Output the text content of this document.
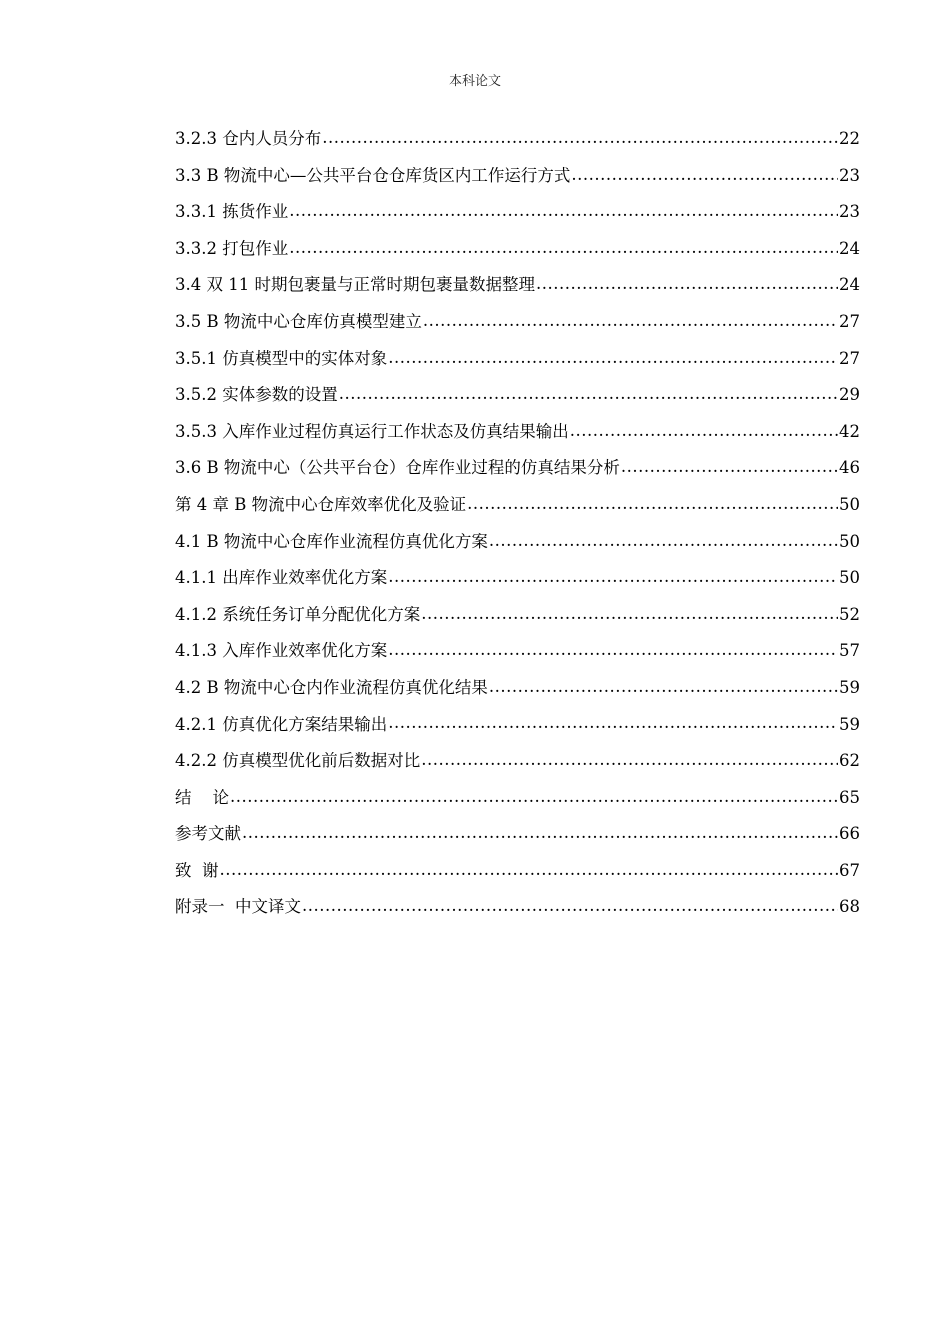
本科论文
3.2.3 仓内人员分布 .....	22
3.3 B 物流中心—公共平台仓仓库货区内工作运行方式 .....	23
3.3.1 拣货作业 .....	23
3.3.2 打包作业 .....	24
3.4 双 11 时期包裹量与正常时期包裹量数据整理 .....	24
3.5 B 物流中心仓库仿真模型建立 .....	27
3.5.1 仿真模型中的实体对象 .....	27
3.5.2 实体参数的设置 .....	29
3.5.3 入库作业过程仿真运行工作状态及仿真结果输出 .....	42
3.6 B 物流中心（公共平台仓）仓库作业过程的仿真结果分析 .....	46
第 4 章 B 物流中心仓库效率优化及验证 .....	50
4.1 B 物流中心仓库作业流程仿真优化方案 .....	50
4.1.1 出库作业效率优化方案 .....	50
4.1.2 系统任务订单分配优化方案 .....	52
4.1.3 入库作业效率优化方案 .....	57
4.2 B 物流中心仓内作业流程仿真优化结果 .....	59
4.2.1 仿真优化方案结果输出 .....	59
4.2.2 仿真模型优化前后数据对比 .....	62
结    论 .....	65
参考文献 .....	66
致  谢 .....	67
附录一  中文译文 .....	68
